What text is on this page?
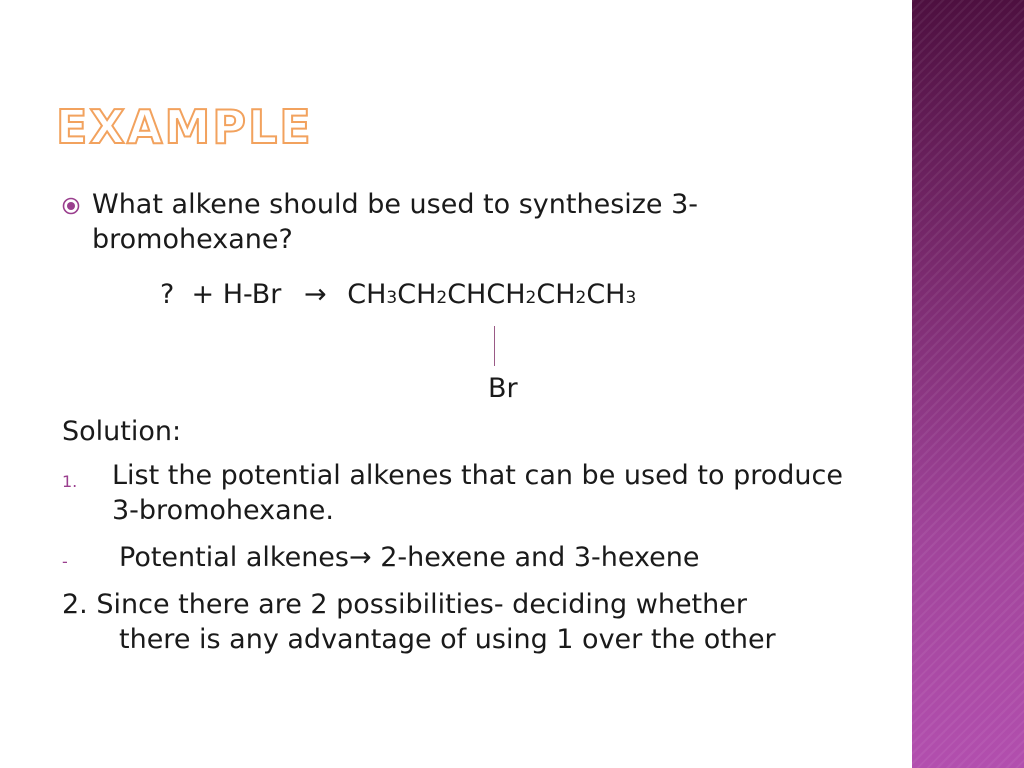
EXAMPLE
What alkene should be used to synthesize 3-bromohexane?
?  + H-Br → CH3CH2CHCH2CH2CH3
Br
Solution:
1. List the potential alkenes that can be used to produce 3-bromohexane.
- Potential alkenes→ 2-hexene and 3-hexene
2. Since there are 2 possibilities- deciding whether
there is any advantage of using 1 over the other
